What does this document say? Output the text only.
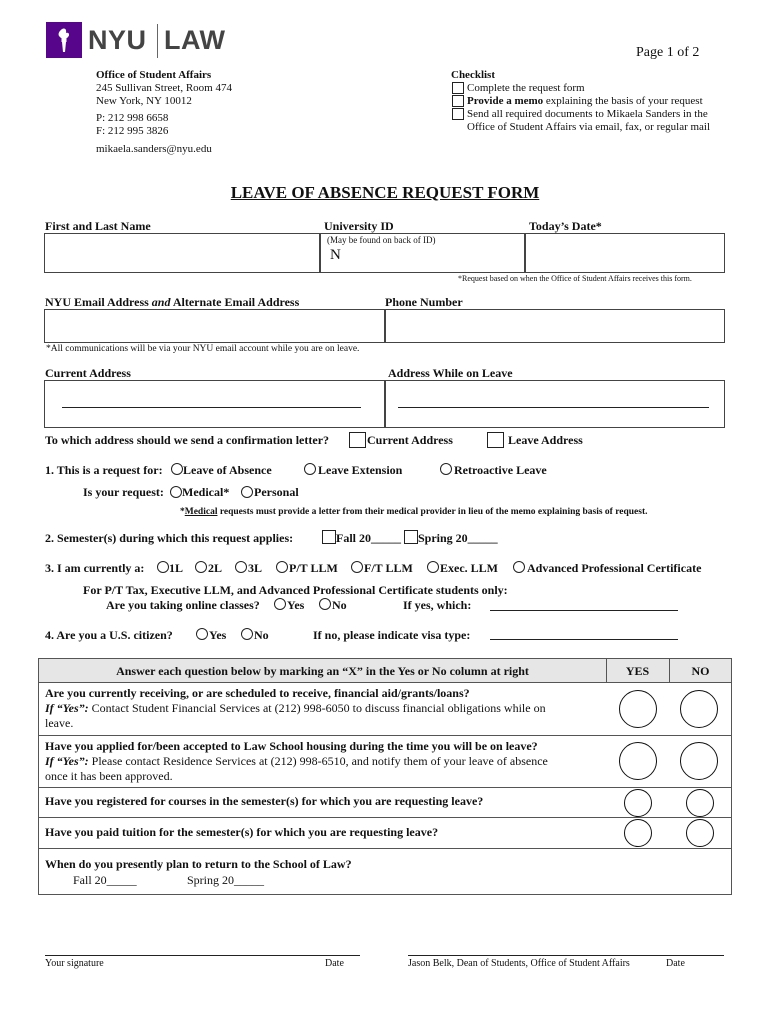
NYU LAW	Page 1 of 2
Office of Student Affairs
245 Sullivan Street, Room 474
New York, NY 10012
P: 212 998 6658
F: 212 995 3826
mikaela.sanders@nyu.edu
Checklist
Complete the request form
Provide a memo explaining the basis of your request
Send all required documents to Mikaela Sanders in the
Office of Student Affairs via email, fax, or regular mail
LEAVE OF ABSENCE REQUEST FORM
First and Last Name	University ID	Today’s Date*
(May be found on back of ID)
N
*Request based on when the Office of Student Affairs receives this form.
NYU Email Address and Alternate Email Address	Phone Number
*All communications will be via your NYU email account while you are on leave.
Current Address	Address While on Leave
To which address should we send a confirmation letter?	Current Address	Leave Address
1. This is a request for: Leave of Absence	Leave Extension	Retroactive Leave
Is your request: Medical* Personal
*Medical requests must provide a letter from their medical provider in lieu of the memo explaining basis of request.
2. Semester(s) during which this request applies:	Fall 20_____ Spring 20_____
3. I am currently a: 1L 2L 3L P/T LLM F/T LLM Exec. LLM Advanced Professional Certificate
For P/T Tax, Executive LLM, and Advanced Professional Certificate students only:
Are you taking online classes? Yes No	If yes, which:
4. Are you a U.S. citizen?	Yes No	If no, please indicate visa type:
Answer each question below by marking an “X” in the Yes or No column at right	YES	NO
Are you currently receiving, or are scheduled to receive, financial aid/grants/loans?
If “Yes”: Contact Student Financial Services at (212) 998-6050 to discuss financial obligations while on
leave.
Have you applied for/been accepted to Law School housing during the time you will be on leave?
If “Yes”: Please contact Residence Services at (212) 998-6510, and notify them of your leave of absence
once it has been approved.
Have you registered for courses in the semester(s) for which you are requesting leave?
Have you paid tuition for the semester(s) for which you are requesting leave?
When do you presently plan to return to the School of Law?
Fall 20_____	Spring 20_____
Your signature	Date	Jason Belk, Dean of Students, Office of Student Affairs	Date
